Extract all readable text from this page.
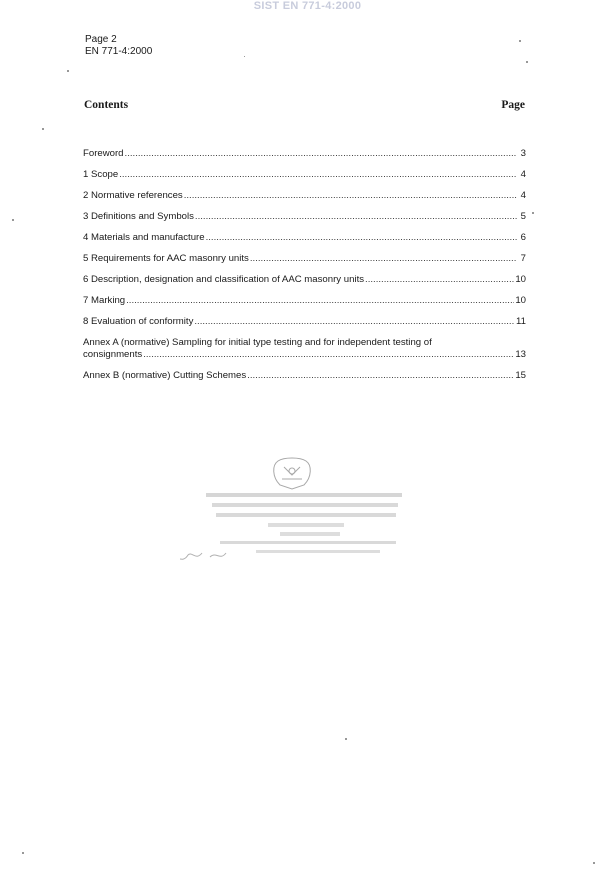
SIST EN 771-4:2000
Page 2
EN 771-4:2000
Contents	Page
Foreword .....	3
1 Scope .....	4
2 Normative references .....	4
3 Definitions and Symbols .....	5
4 Materials and manufacture .....	6
5 Requirements for AAC masonry units .....	7
6 Description, designation and classification of AAC masonry units .....	10
7 Marking .....	10
8 Evaluation of conformity .....	11
Annex A (normative) Sampling for initial type testing and for independent testing of
consignments .....	13
Annex B (normative) Cutting Schemes .....	15
